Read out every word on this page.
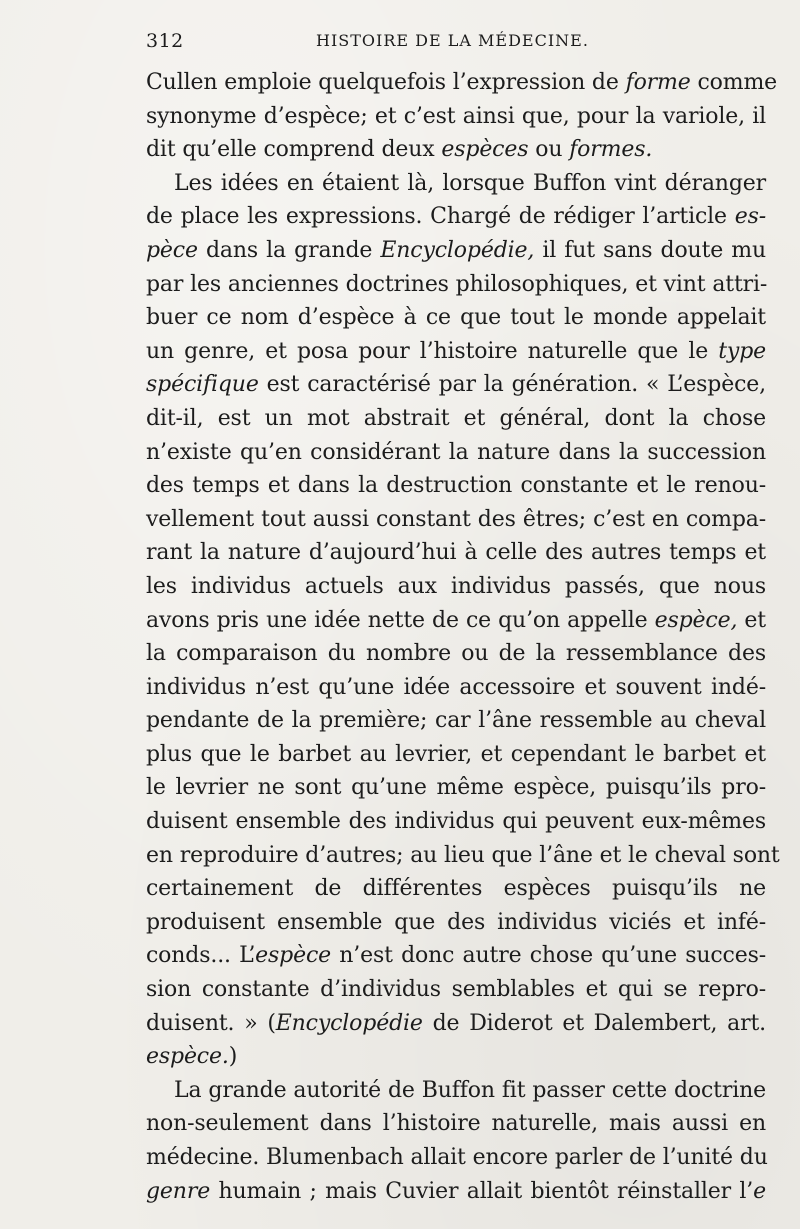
312	HISTOIRE DE LA MÉDECINE.
Cullen emploie quelquefois l’expression de forme comme
synonyme d’espèce; et c’est ainsi que, pour la variole, il
dit qu’elle comprend deux espèces ou formes.
Les idées en étaient là, lorsque Buffon vint déranger
de place les expressions. Chargé de rédiger l’article es-
pèce dans la grande Encyclopédie, il fut sans doute mu
par les anciennes doctrines philosophiques, et vint attri-
buer ce nom d’espèce à ce que tout le monde appelait
un genre, et posa pour l’histoire naturelle que le type
spécifique est caractérisé par la génération. « L’espèce,
dit-il, est un mot abstrait et général, dont la chose
n’existe qu’en considérant la nature dans la succession
des temps et dans la destruction constante et le renou-
vellement tout aussi constant des êtres; c’est en compa-
rant la nature d’aujourd’hui à celle des autres temps et
les individus actuels aux individus passés, que nous
avons pris une idée nette de ce qu’on appelle espèce, et
la comparaison du nombre ou de la ressemblance des
individus n’est qu’une idée accessoire et souvent indé-
pendante de la première; car l’âne ressemble au cheval
plus que le barbet au levrier, et cependant le barbet et
le levrier ne sont qu’une même espèce, puisqu’ils pro-
duisent ensemble des individus qui peuvent eux-mêmes
en reproduire d’autres; au lieu que l’âne et le cheval sont
certainement de différentes espèces puisqu’ils ne
produisent ensemble que des individus viciés et infé-
conds... L’espèce n’est donc autre chose qu’une succes-
sion constante d’individus semblables et qui se repro-
duisent. » (Encyclopédie de Diderot et Dalembert, art.
espèce.)
La grande autorité de Buffon fit passer cette doctrine
non-seulement dans l’histoire naturelle, mais aussi en
médecine. Blumenbach allait encore parler de l’unité du
genre humain ; mais Cuvier allait bientôt réinstaller l’e
